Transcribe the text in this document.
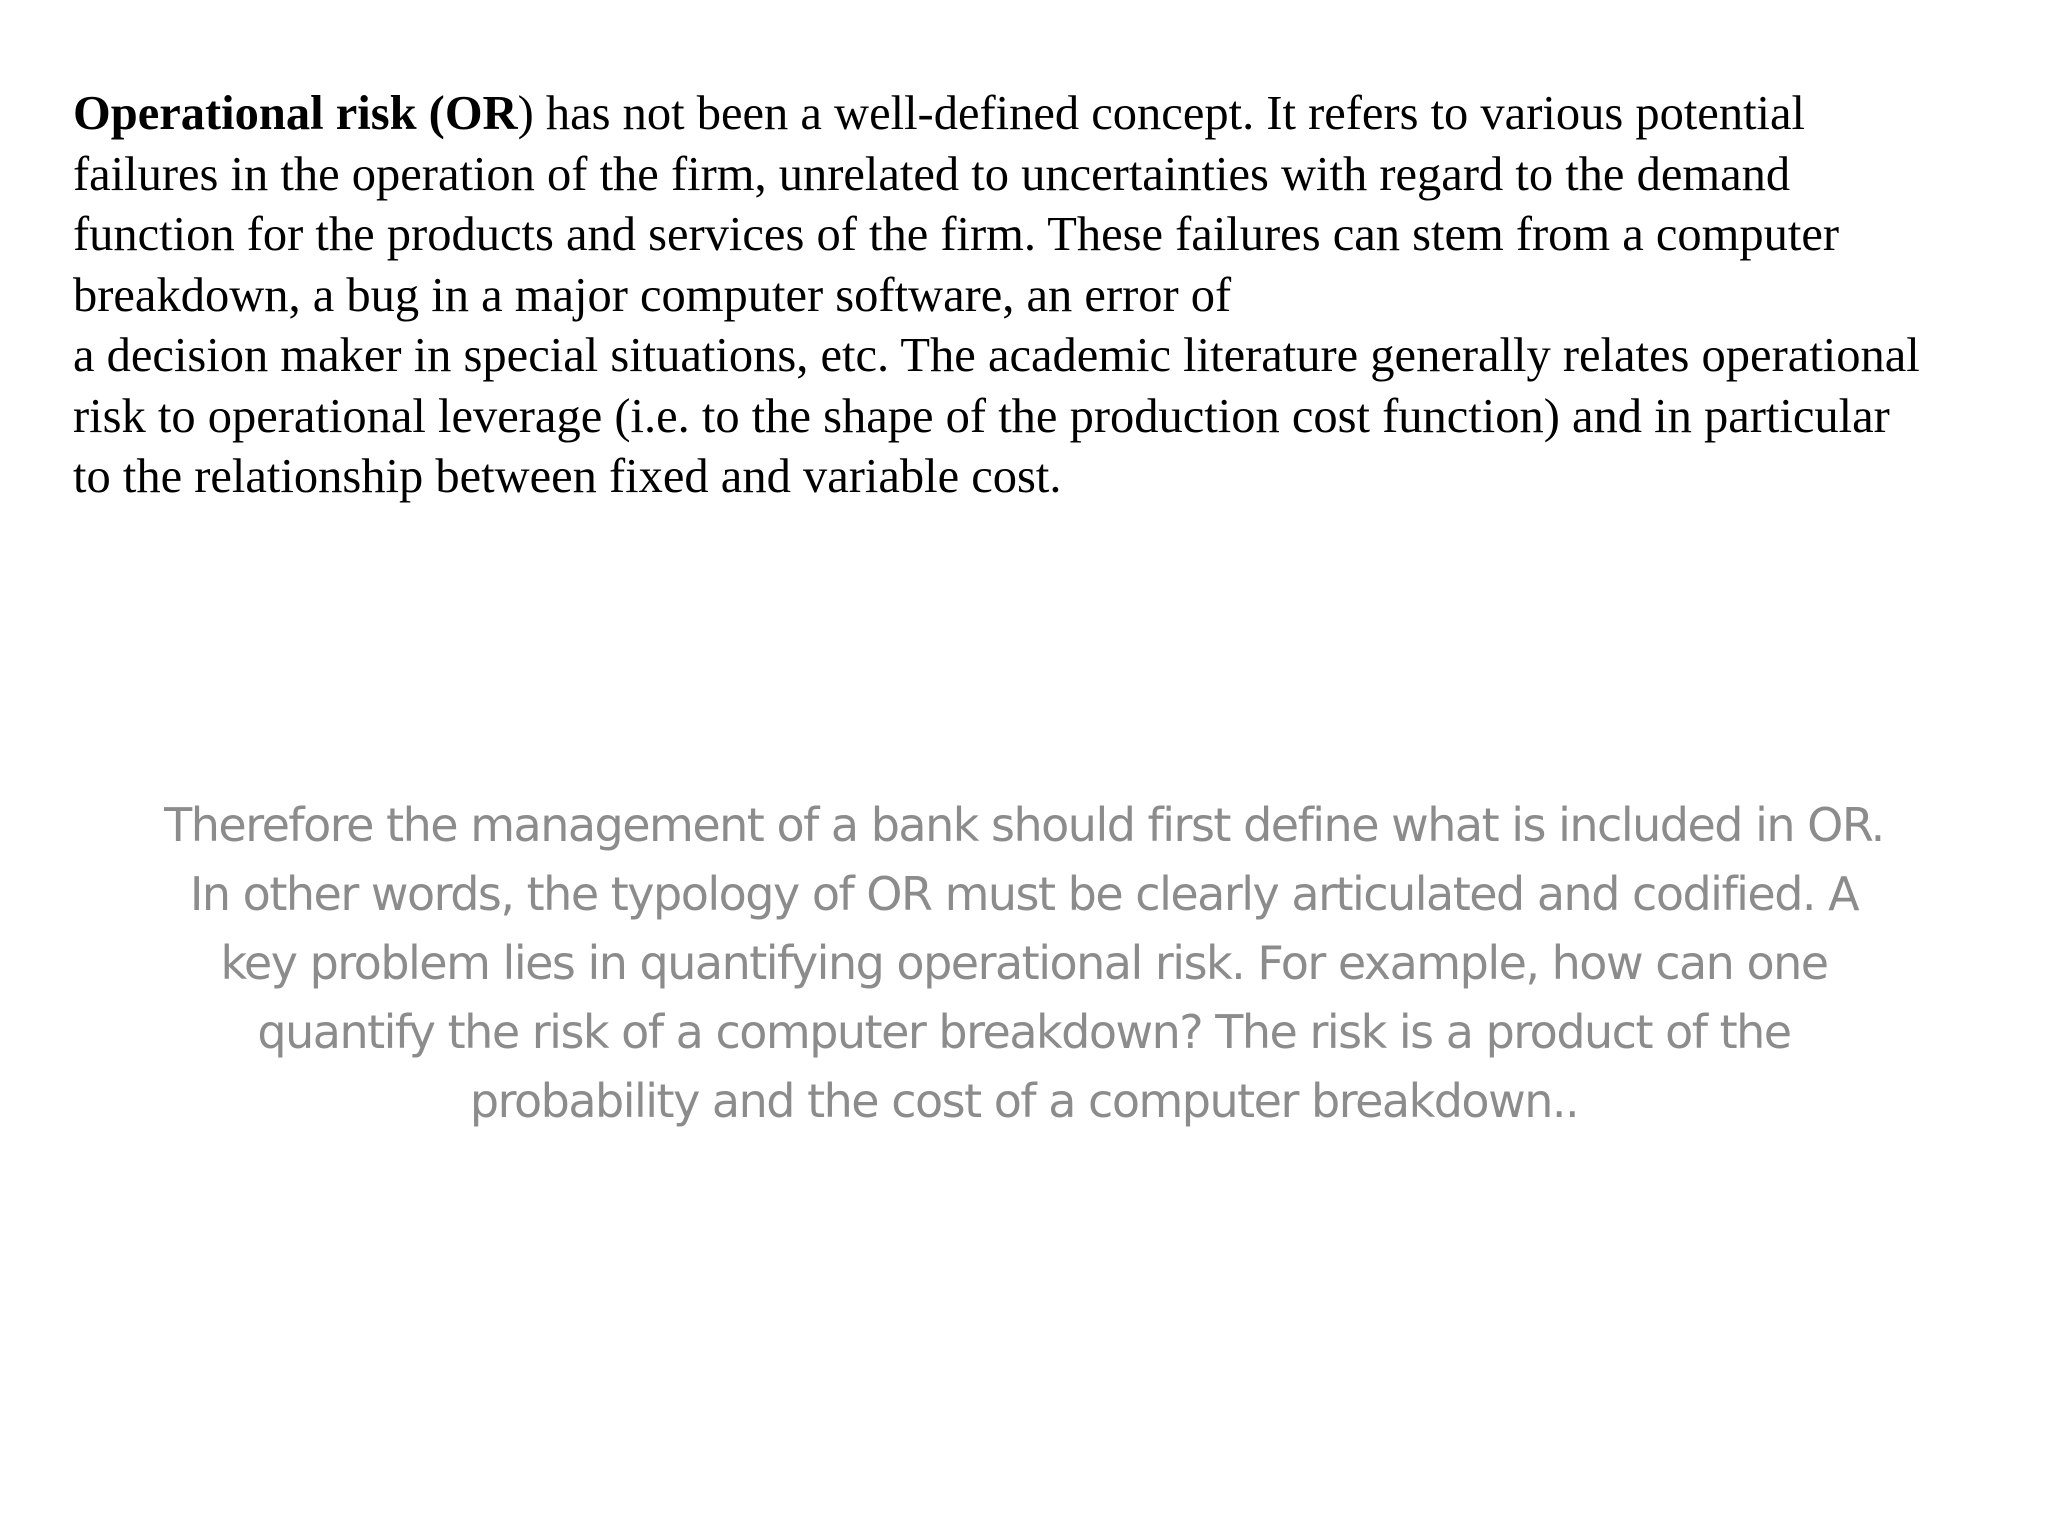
Operational risk (OR) has not been a well-defined concept. It refers to various potential
failures in the operation of the firm, unrelated to uncertainties with regard to the demand
function for the products and services of the firm. These failures can stem from a computer
breakdown, a bug in a major computer software, an error of
a decision maker in special situations, etc. The academic literature generally relates operational
risk to operational leverage (i.e. to the shape of the production cost function) and in particular
to the relationship between fixed and variable cost.

Therefore the management of a bank should first define what is included in OR.
In other words, the typology of OR must be clearly articulated and codified. A
key problem lies in quantifying operational risk. For example, how can one
quantify the risk of a computer breakdown? The risk is a product of the
probability and the cost of a computer breakdown..
